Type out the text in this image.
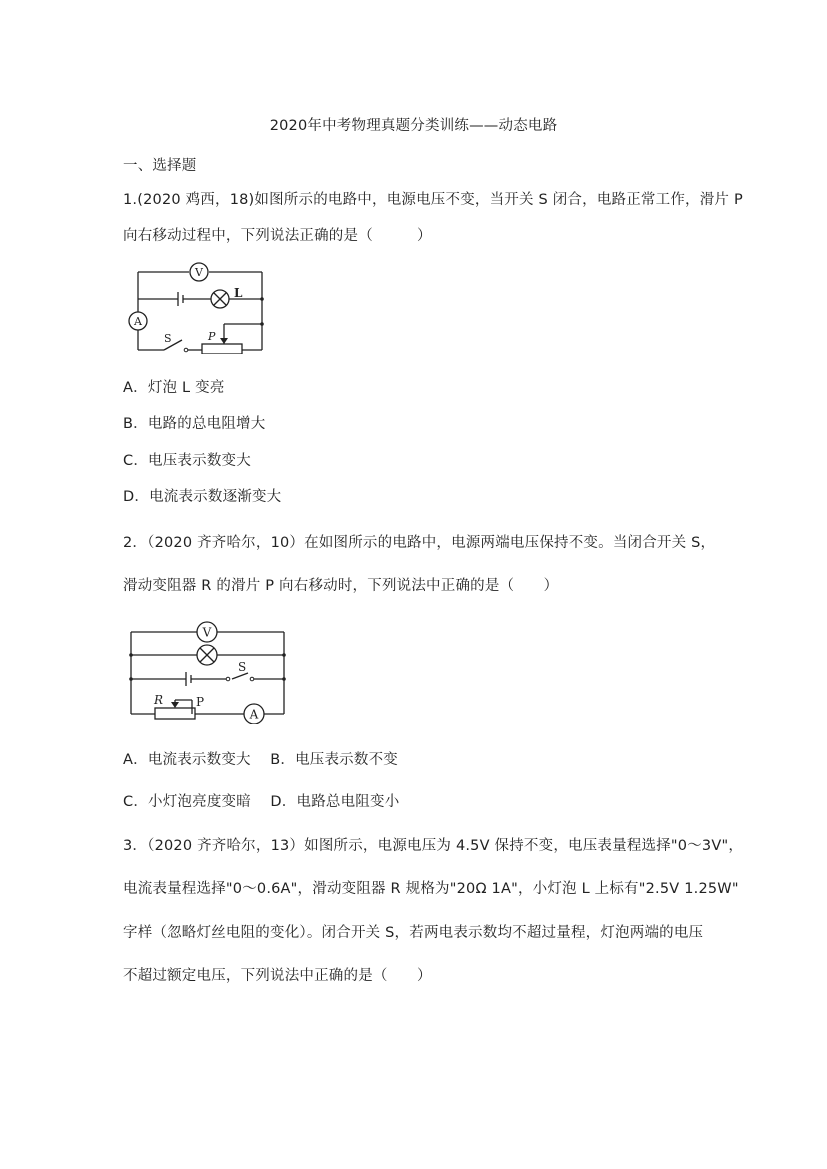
2020年中考物理真题分类训练——动态电路
一、选择题
1.(2020 鸡西，18)如图所示的电路中，电源电压不变，当开关 S 闭合，电路正常工作，滑片 P
向右移动过程中，下列说法正确的是（　　　）
V
L
A
S	P
A．灯泡 L 变亮
B．电路的总电阻增大
C．电压表示数变大
D．电流表示数逐渐变大
2．（2020 齐齐哈尔，10）在如图所示的电路中，电源两端电压保持不变。当闭合开关 S，
滑动变阻器 R 的滑片 P 向右移动时，下列说法中正确的是（　　）
V
S
R	P
A
A．电流表示数变大　 B．电压表示数不变
C．小灯泡亮度变暗　 D．电路总电阻变小
3．（2020 齐齐哈尔，13）如图所示，电源电压为 4.5V 保持不变，电压表量程选择"0～3V"，
电流表量程选择"0～0.6A"，滑动变阻器 R 规格为"20Ω 1A"，小灯泡 L 上标有"2.5V 1.25W"
字样（忽略灯丝电阻的变化）。闭合开关 S，若两电表示数均不超过量程，灯泡两端的电压
不超过额定电压，下列说法中正确的是（　　）
